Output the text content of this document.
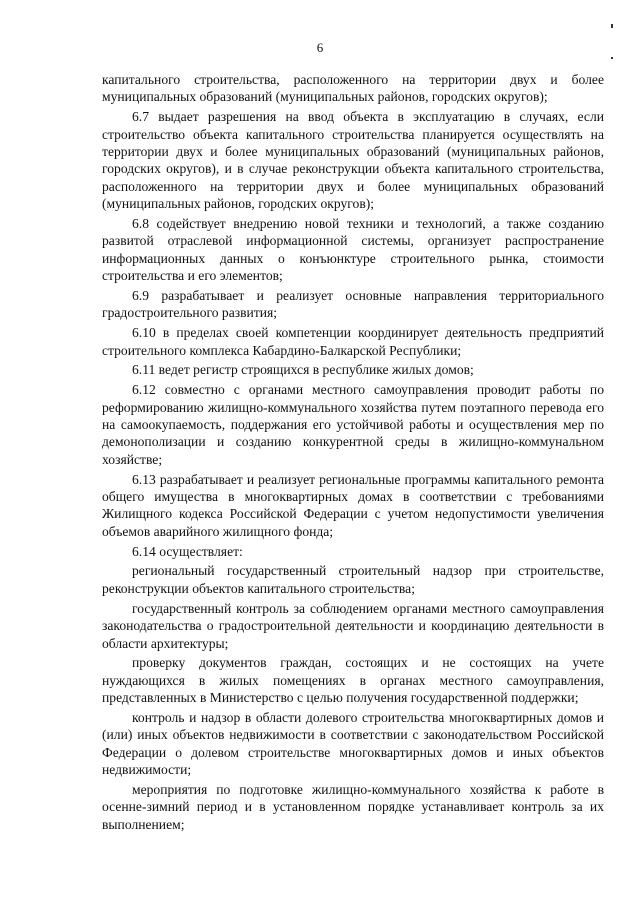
6

капитального строительства, расположенного на территории двух и более муниципальных образований (муниципальных районов, городских округов);

6.7 выдает разрешения на ввод объекта в эксплуатацию в случаях, если строительство объекта капитального строительства планируется осуществлять на территории двух и более муниципальных образований (муниципальных районов, городских округов), и в случае реконструкции объекта капитального строительства, расположенного на территории двух и более муниципальных образований (муниципальных районов, городских округов);

6.8 содействует внедрению новой техники и технологий, а также созданию развитой отраслевой информационной системы, организует распространение информационных данных о конъюнктуре строительного рынка, стоимости строительства и его элементов;

6.9 разрабатывает и реализует основные направления территориального градостроительного развития;

6.10 в пределах своей компетенции координирует деятельность предприятий строительного комплекса Кабардино-Балкарской Республики;

6.11 ведет регистр строящихся в республике жилых домов;

6.12 совместно с органами местного самоуправления проводит работы по реформированию жилищно-коммунального хозяйства путем поэтапного перевода его на самоокупаемость, поддержания его устойчивой работы и осуществления мер по демонополизации и созданию конкурентной среды в жилищно-коммунальном хозяйстве;

6.13 разрабатывает и реализует региональные программы капитального ремонта общего имущества в многоквартирных домах в соответствии с требованиями Жилищного кодекса Российской Федерации с учетом недопустимости увеличения объемов аварийного жилищного фонда;

6.14 осуществляет:

региональный государственный строительный надзор при строительстве, реконструкции объектов капитального строительства;

государственный контроль за соблюдением органами местного самоуправления законодательства о градостроительной деятельности и координацию деятельности в области архитектуры;

проверку документов граждан, состоящих и не состоящих на учете нуждающихся в жилых помещениях в органах местного самоуправления, представленных в Министерство с целью получения государственной поддержки;

контроль и надзор в области долевого строительства многоквартирных домов и (или) иных объектов недвижимости в соответствии с законодательством Российской Федерации о долевом строительстве многоквартирных домов и иных объектов недвижимости;

мероприятия по подготовке жилищно-коммунального хозяйства к работе в осенне-зимний период и в установленном порядке устанавливает контроль за их выполнением;
